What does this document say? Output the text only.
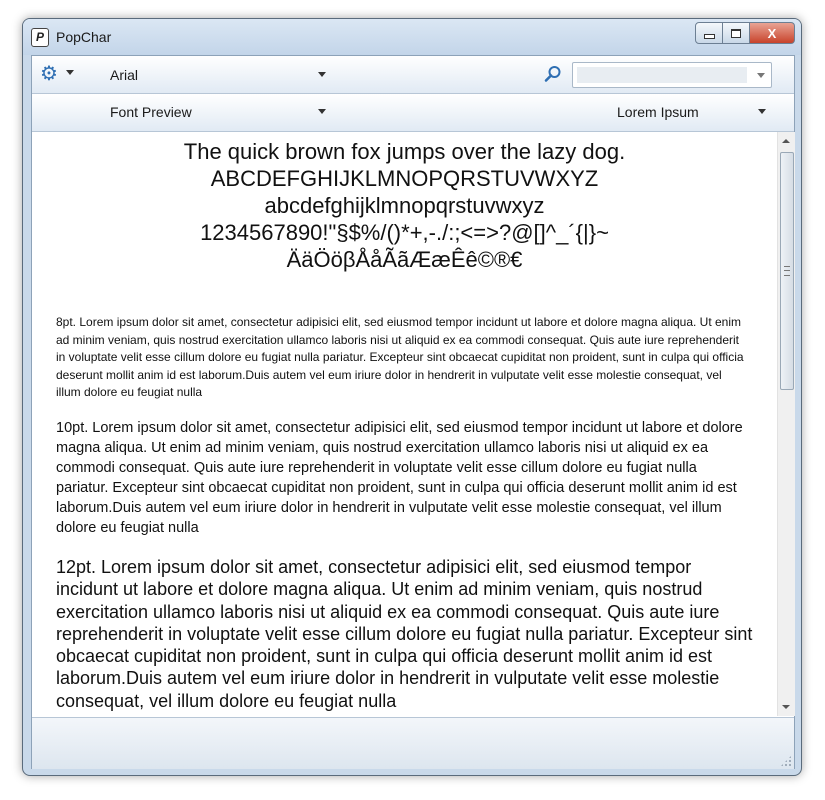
P PopChar	X
⚙	Arial
Font Preview	Lorem Ipsum
The quick brown fox jumps over the lazy dog.
ABCDEFGHIJKLMNOPQRSTUVWXYZ
abcdefghijklmnopqrstuvwxyz
1234567890!"§$%/()*+,-./:;<=>?@[]^_´{|}~
ÄäÖöβÅåÃãÆæÊê©®€
8pt. Lorem ipsum dolor sit amet, consectetur adipisici elit, sed eiusmod tempor incidunt ut labore et dolore magna aliqua. Ut enim ad minim veniam, quis nostrud exercitation ullamco laboris nisi ut aliquid ex ea commodi consequat. Quis aute iure reprehenderit in voluptate velit esse cillum dolore eu fugiat nulla pariatur. Excepteur sint obcaecat cupiditat non proident, sunt in culpa qui officia deserunt mollit anim id est laborum.Duis autem vel eum iriure dolor in hendrerit in vulputate velit esse molestie consequat, vel illum dolore eu feugiat nulla
10pt. Lorem ipsum dolor sit amet, consectetur adipisici elit, sed eiusmod tempor incidunt ut labore et dolore magna aliqua. Ut enim ad minim veniam, quis nostrud exercitation ullamco laboris nisi ut aliquid ex ea commodi consequat. Quis aute iure reprehenderit in voluptate velit esse cillum dolore eu fugiat nulla pariatur. Excepteur sint obcaecat cupiditat non proident, sunt in culpa qui officia deserunt mollit anim id est laborum.Duis autem vel eum iriure dolor in hendrerit in vulputate velit esse molestie consequat, vel illum dolore eu feugiat nulla
12pt. Lorem ipsum dolor sit amet, consectetur adipisici elit, sed eiusmod tempor incidunt ut labore et dolore magna aliqua. Ut enim ad minim veniam, quis nostrud exercitation ullamco laboris nisi ut aliquid ex ea commodi consequat. Quis aute iure reprehenderit in voluptate velit esse cillum dolore eu fugiat nulla pariatur. Excepteur sint obcaecat cupiditat non proident, sunt in culpa qui officia deserunt mollit anim id est laborum.Duis autem vel eum iriure dolor in hendrerit in vulputate velit esse molestie consequat, vel illum dolore eu feugiat nulla
